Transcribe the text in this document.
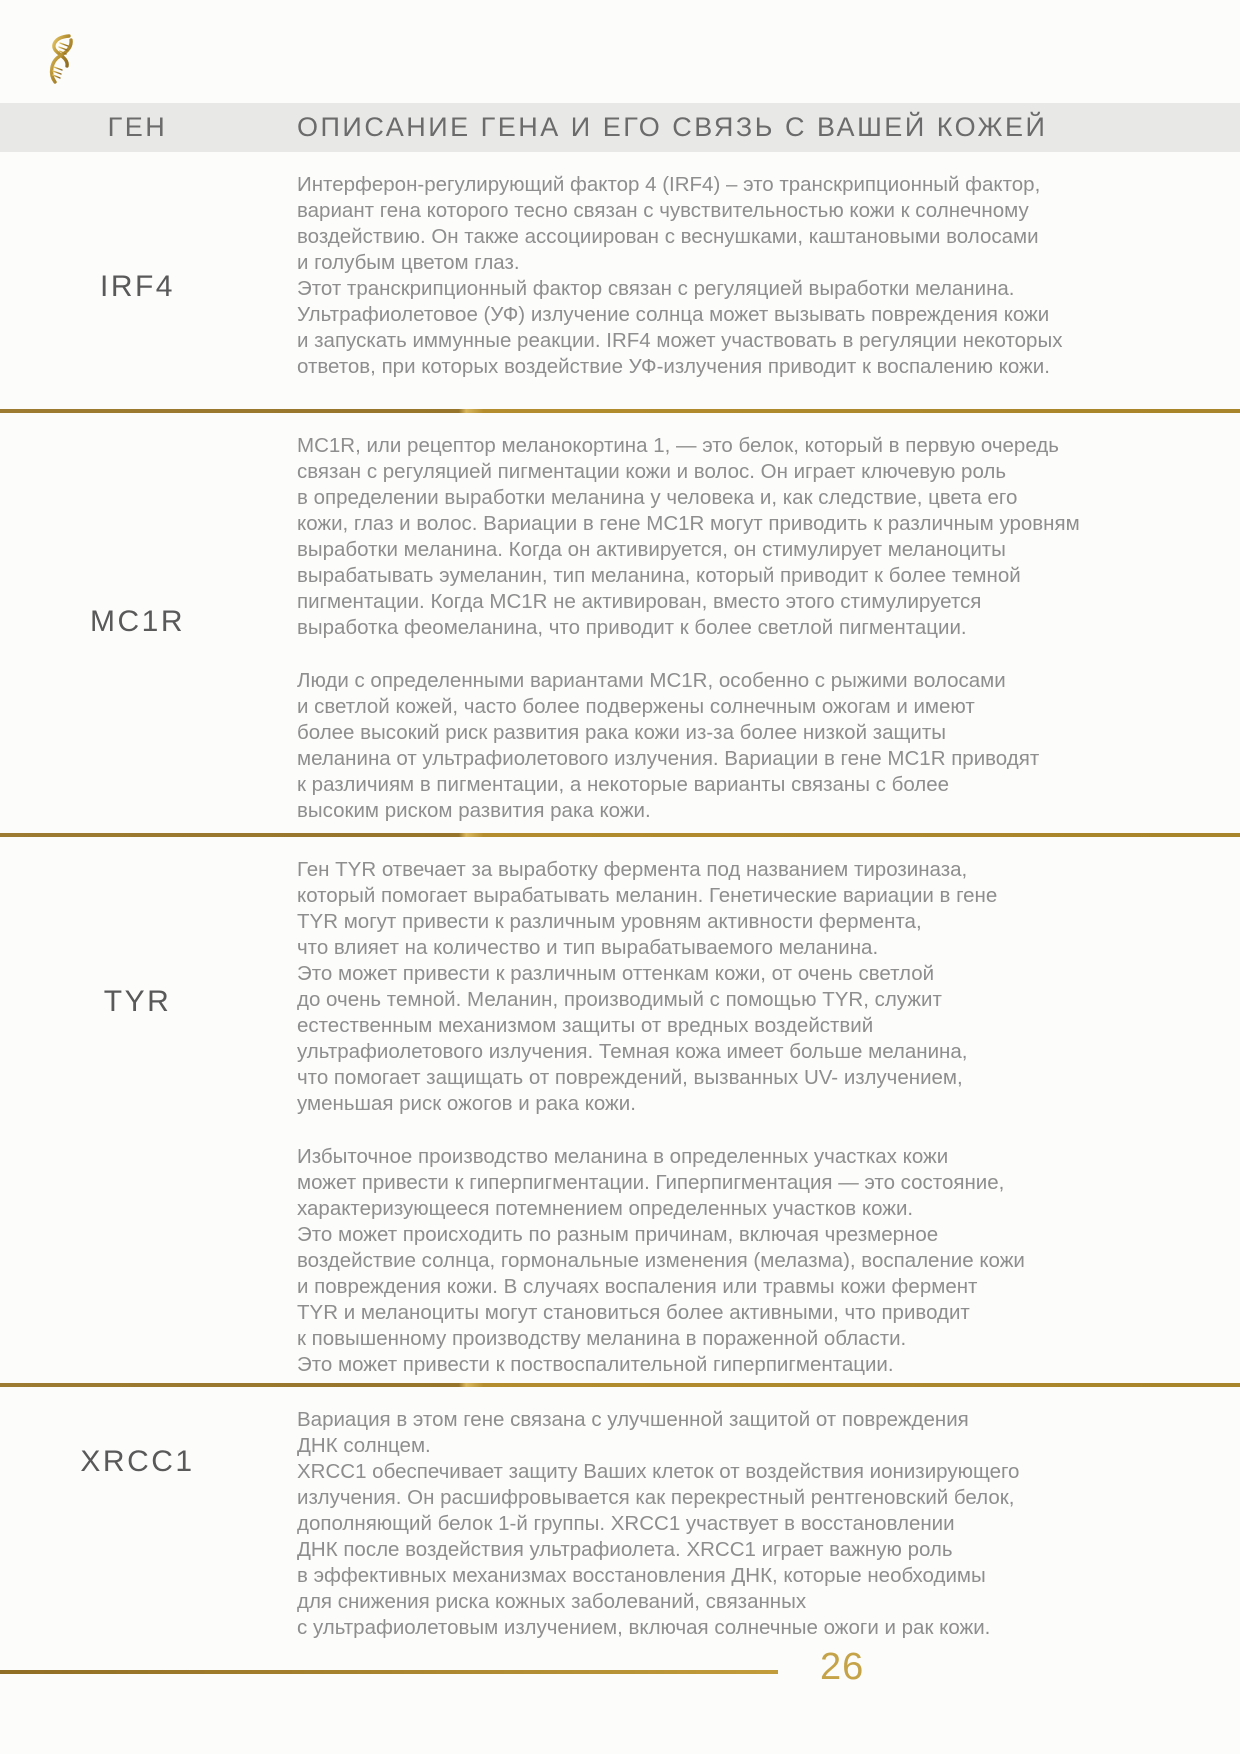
ГЕН	ОПИСАНИЕ ГЕНА И ЕГО СВЯЗЬ С ВАШЕЙ КОЖЕЙ
IRF4
Интерферон-регулирующий фактор 4 (IRF4) – это транскрипционный фактор,
вариант гена которого тесно связан с чувствительностью кожи к солнечному
воздействию. Он также ассоциирован с веснушками, каштановыми волосами
и голубым цветом глаз.
Этот транскрипционный фактор связан с регуляцией выработки меланина.
Ультрафиолетовое (УФ) излучение солнца может вызывать повреждения кожи
и запускать иммунные реакции. IRF4 может участвовать в регуляции некоторых
ответов, при которых воздействие УФ-излучения приводит к воспалению кожи.
MC1R
MC1R, или рецептор меланокортина 1, — это белок, который в первую очередь
связан с регуляцией пигментации кожи и волос. Он играет ключевую роль
в определении выработки меланина у человека и, как следствие, цвета его
кожи, глаз и волос. Вариации в гене MC1R могут приводить к различным уровням
выработки меланина. Когда он активируется, он стимулирует меланоциты
вырабатывать эумеланин, тип меланина, который приводит к более темной
пигментации. Когда MC1R не активирован, вместо этого стимулируется
выработка феомеланина, что приводит к более светлой пигментации.
Люди с определенными вариантами MC1R, особенно с рыжими волосами
и светлой кожей, часто более подвержены солнечным ожогам и имеют
более высокий риск развития рака кожи из-за более низкой защиты
меланина от ультрафиолетового излучения. Вариации в гене MC1R приводят
к различиям в пигментации, а некоторые варианты связаны с более
высоким риском развития рака кожи.
TYR
Ген TYR отвечает за выработку фермента под названием тирозиназа,
который помогает вырабатывать меланин. Генетические вариации в гене
TYR могут привести к различным уровням активности фермента,
что влияет на количество и тип вырабатываемого меланина.
Это может привести к различным оттенкам кожи, от очень светлой
до очень темной. Меланин, производимый с помощью TYR, служит
естественным механизмом защиты от вредных воздействий
ультрафиолетового излучения. Темная кожа имеет больше меланина,
что помогает защищать от повреждений, вызванных UV- излучением,
уменьшая риск ожогов и рака кожи.
Избыточное производство меланина в определенных участках кожи
может привести к гиперпигментации. Гиперпигментация — это состояние,
характеризующееся потемнением определенных участков кожи.
Это может происходить по разным причинам, включая чрезмерное
воздействие солнца, гормональные изменения (мелазма), воспаление кожи
и повреждения кожи. В случаях воспаления или травмы кожи фермент
TYR и меланоциты могут становиться более активными, что приводит
к повышенному производству меланина в пораженной области.
Это может привести к поствоспалительной гиперпигментации.
XRCC1
Вариация в этом гене связана с улучшенной защитой от повреждения
ДНК солнцем.
XRCC1 обеспечивает защиту Ваших клеток от воздействия ионизирующего
излучения. Он расшифровывается как перекрестный рентгеновский белок,
дополняющий белок 1-й группы. XRCC1 участвует в восстановлении
ДНК после воздействия ультрафиолета. XRCC1 играет важную роль
в эффективных механизмах восстановления ДНК, которые необходимы
для снижения риска кожных заболеваний, связанных
с ультрафиолетовым излучением, включая солнечные ожоги и рак кожи.
26
